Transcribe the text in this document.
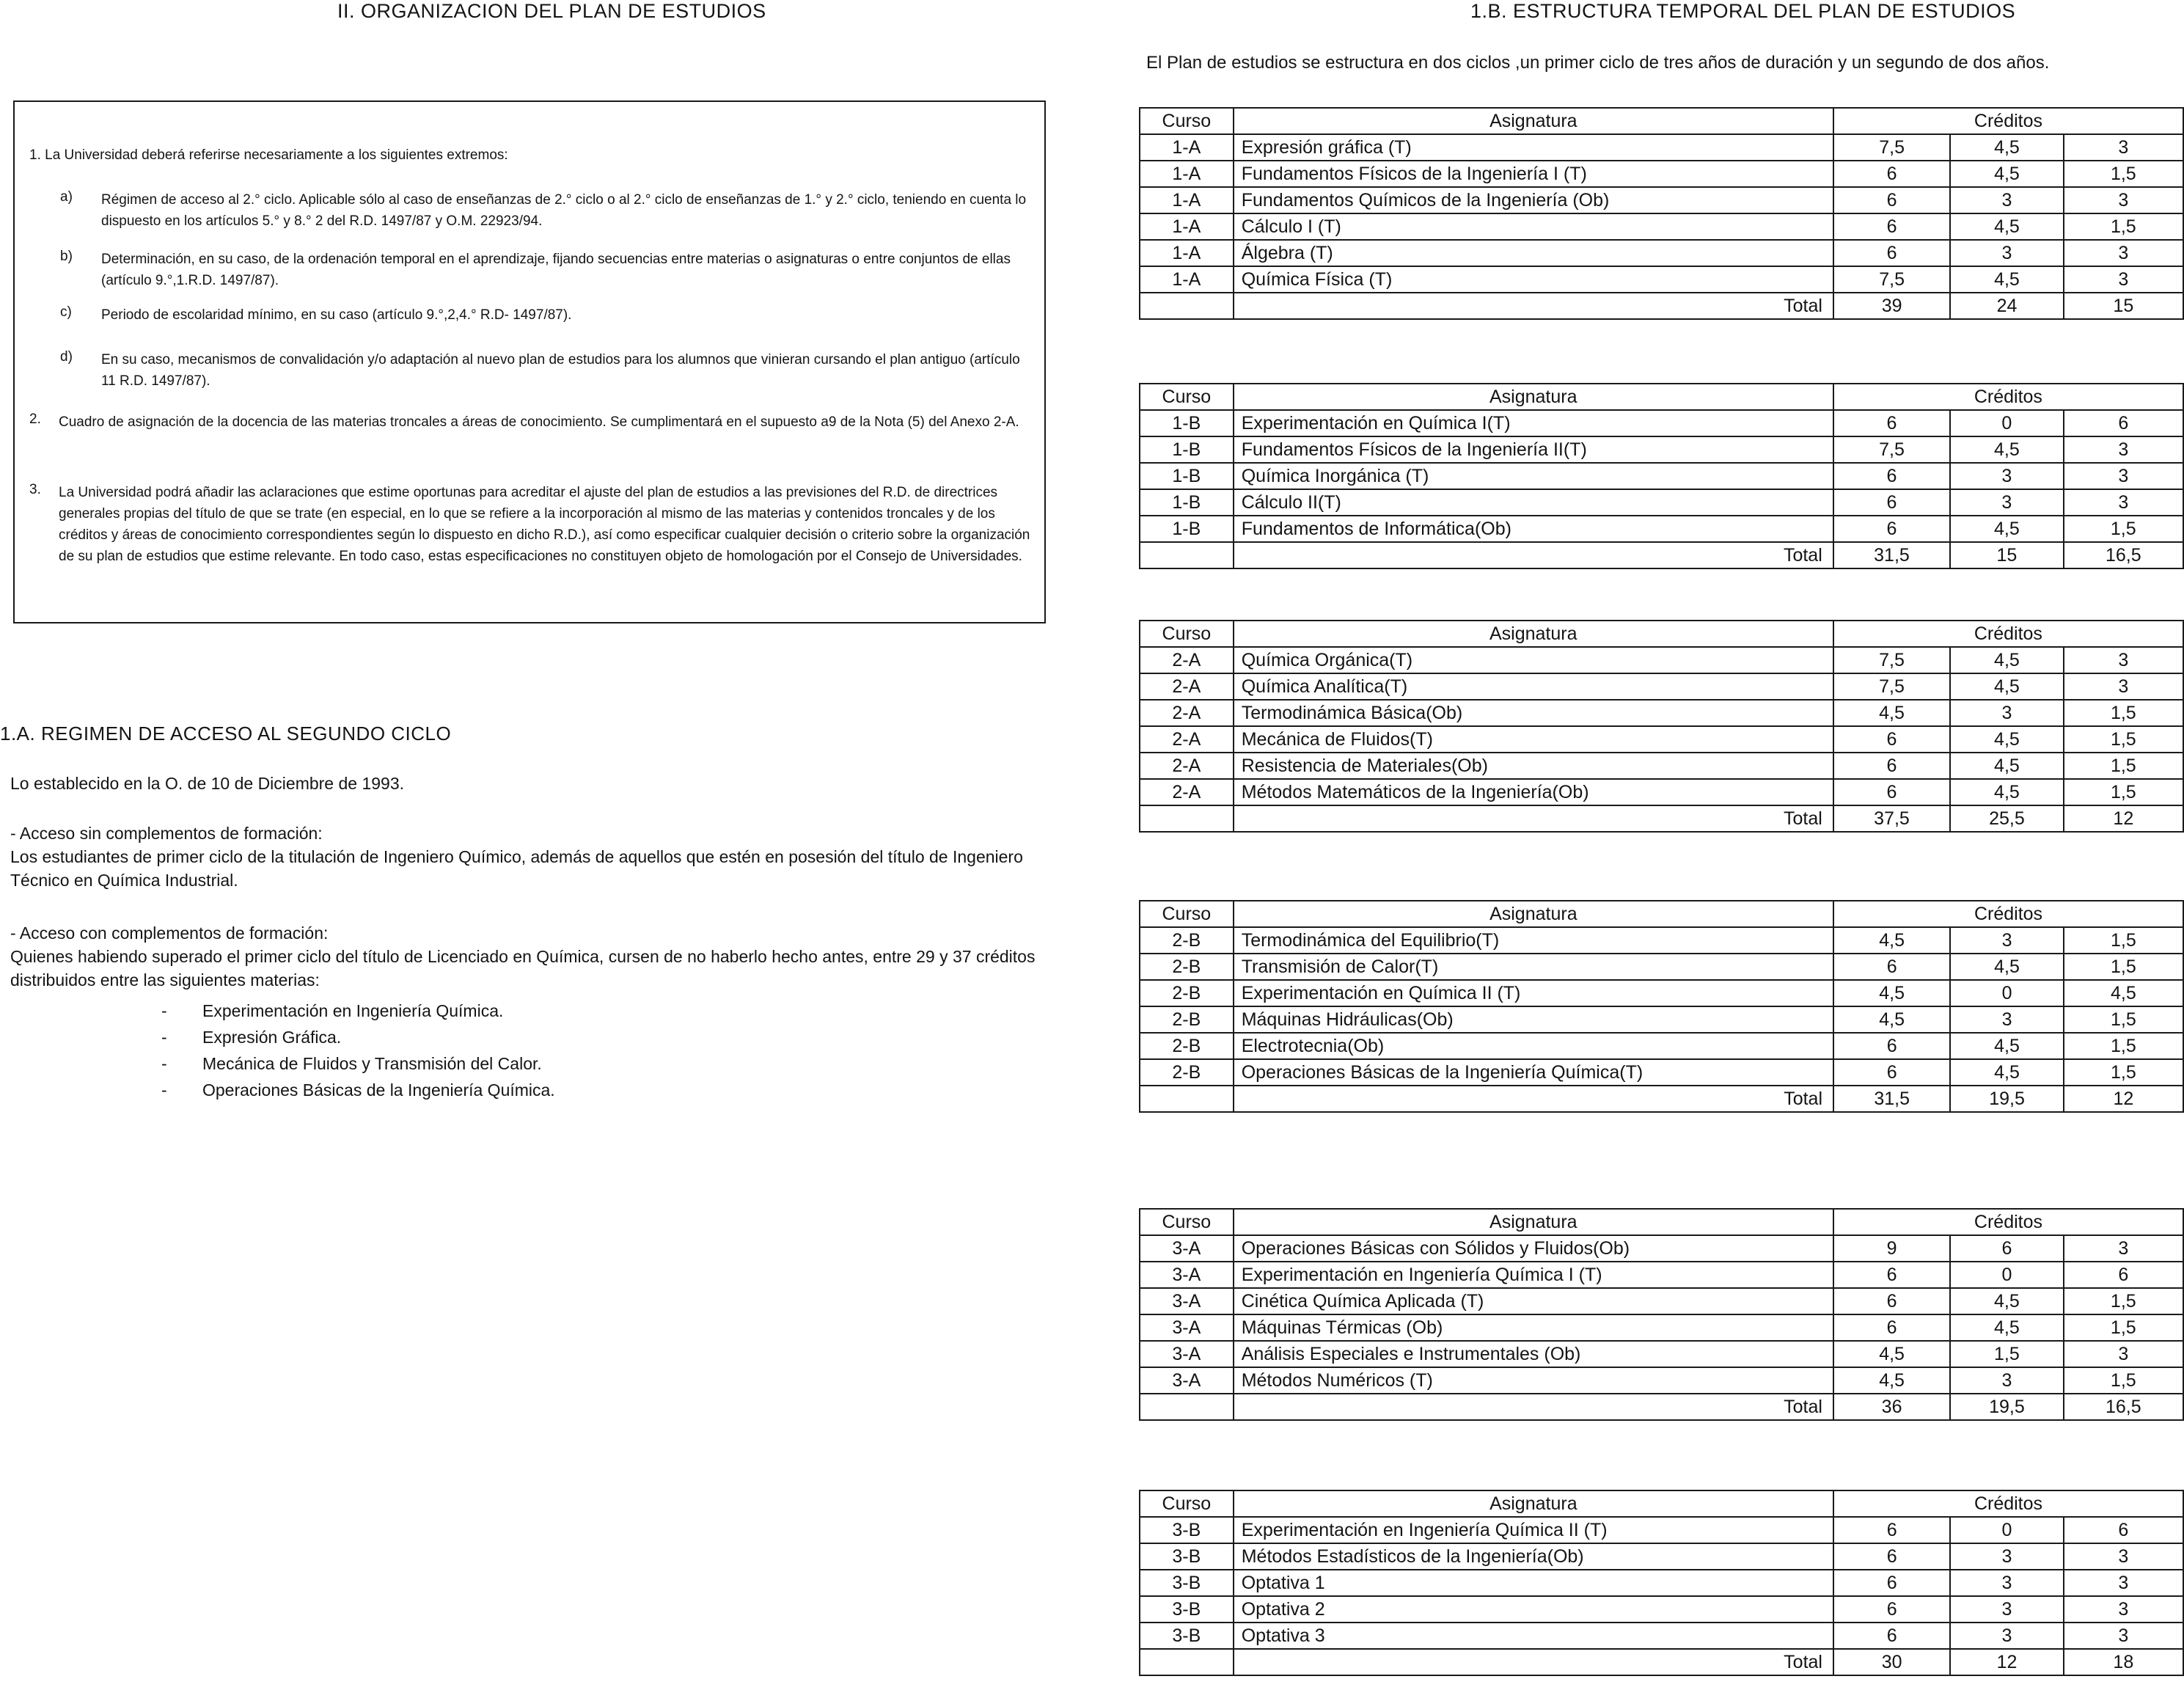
II. ORGANIZACION DEL PLAN DE ESTUDIOS

1. La Universidad deberá referirse necesariamente a los siguientes extremos:

a) Régimen de acceso al 2.° ciclo. Aplicable sólo al caso de enseñanzas de 2.° ciclo o al 2.° ciclo de enseñanzas de 1.° y 2.° ciclo, teniendo en cuenta lo dispuesto en los artículos 5.° y 8.° 2 del R.D. 1497/87 y O.M. 22923/94.

b) Determinación, en su caso, de la ordenación temporal en el aprendizaje, fijando secuencias entre materias o asignaturas o entre conjuntos de ellas (artículo 9.°,1.R.D. 1497/87).

c) Periodo de escolaridad mínimo, en su caso (artículo 9.°,2,4.° R.D- 1497/87).

d) En su caso, mecanismos de convalidación y/o adaptación al nuevo plan de estudios para los alumnos que vinieran cursando el plan antiguo (artículo 11 R.D. 1497/87).

2. Cuadro de asignación de la docencia de las materias troncales a áreas de conocimiento. Se cumplimentará en el supuesto a9 de la Nota (5) del Anexo 2-A.

3. La Universidad podrá añadir las aclaraciones que estime oportunas para acreditar el ajuste del plan de estudios a las previsiones del R.D. de directrices generales propias del título de que se trate (en especial, en lo que se refiere a la incorporación al mismo de las materias y contenidos troncales y de los créditos y áreas de conocimiento correspondientes según lo dispuesto en dicho R.D.), así como especificar cualquier decisión o criterio sobre la organización de su plan de estudios que estime relevante. En todo caso, estas especificaciones no constituyen objeto de homologación por el Consejo de Universidades.

1.A. REGIMEN DE ACCESO AL SEGUNDO CICLO
Lo establecido en la O. de 10 de Diciembre de 1993.
- Acceso sin complementos de formación:
Los estudiantes de primer ciclo de la titulación de Ingeniero Químico, además de aquellos que estén en posesión del título de Ingeniero
Técnico en Química Industrial.
- Acceso con complementos de formación:
Quienes habiendo superado el primer ciclo del título de Licenciado en Química, cursen de no haberlo hecho antes, entre 29 y 37 créditos
distribuidos entre las siguientes materias:
- Experimentación en Ingeniería Química.
- Expresión Gráfica.
- Mecánica de Fluidos y Transmisión del Calor.
- Operaciones Básicas de la Ingeniería Química.
1.B. ESTRUCTURA TEMPORAL DEL PLAN DE ESTUDIOS
El Plan de estudios se estructura en dos ciclos ,un primer ciclo de tres años de duración y un segundo de dos años.
Curso	Asignatura	Créditos		
1-A	Expresión gráfica (T)	7,5	4,5	3
1-A	Fundamentos Físicos de la Ingeniería I (T)	6	4,5	1,5
1-A	Fundamentos Químicos de la Ingeniería (Ob)	6	3	3
1-A	Cálculo I (T)	6	4,5	1,5
1-A	Álgebra (T)	6	3	3
1-A	Química Física (T)	7,5	4,5	3
	Total	39	24	15
Curso	Asignatura	Créditos		
1-B	Experimentación en Química I(T)	6	0	6
1-B	Fundamentos Físicos de la Ingeniería II(T)	7,5	4,5	3
1-B	Química Inorgánica (T)	6	3	3
1-B	Cálculo II(T)	6	3	3
1-B	Fundamentos de Informática(Ob)	6	4,5	1,5
	Total	31,5	15	16,5
Curso	Asignatura	Créditos		
2-A	Química Orgánica(T)	7,5	4,5	3
2-A	Química Analítica(T)	7,5	4,5	3
2-A	Termodinámica Básica(Ob)	4,5	3	1,5
2-A	Mecánica de Fluidos(T)	6	4,5	1,5
2-A	Resistencia de Materiales(Ob)	6	4,5	1,5
2-A	Métodos Matemáticos de la Ingeniería(Ob)	6	4,5	1,5
	Total	37,5	25,5	12
Curso	Asignatura	Créditos		
2-B	Termodinámica del Equilibrio(T)	4,5	3	1,5
2-B	Transmisión de Calor(T)	6	4,5	1,5
2-B	Experimentación en Química II (T)	4,5	0	4,5
2-B	Máquinas Hidráulicas(Ob)	4,5	3	1,5
2-B	Electrotecnia(Ob)	6	4,5	1,5
2-B	Operaciones Básicas de la Ingeniería Química(T)	6	4,5	1,5
	Total	31,5	19,5	12
Curso	Asignatura	Créditos		
3-A	Operaciones Básicas con Sólidos y Fluidos(Ob)	9	6	3
3-A	Experimentación en Ingeniería Química I (T)	6	0	6
3-A	Cinética Química Aplicada (T)	6	4,5	1,5
3-A	Máquinas Térmicas (Ob)	6	4,5	1,5
3-A	Análisis Especiales e Instrumentales (Ob)	4,5	1,5	3
3-A	Métodos Numéricos (T)	4,5	3	1,5
	Total	36	19,5	16,5
Curso	Asignatura	Créditos		
3-B	Experimentación en Ingeniería Química II (T)	6	0	6
3-B	Métodos Estadísticos de la Ingeniería(Ob)	6	3	3
3-B	Optativa 1	6	3	3
3-B	Optativa 2	6	3	3
3-B	Optativa 3	6	3	3
	Total	30	12	18
